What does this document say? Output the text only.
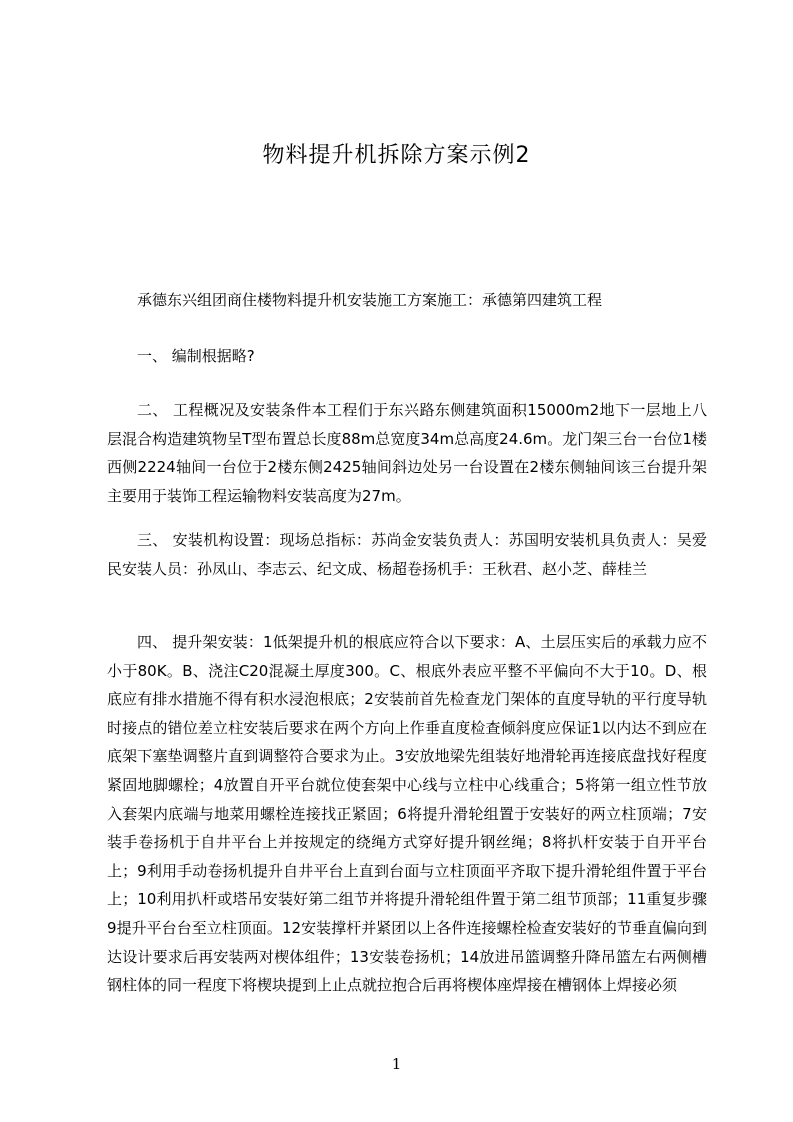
物料提升机拆除方案示例2

承德东兴组团商住楼物料提升机安装施工方案施工：承德第四建筑工程

一、 编制根据略?

二、 工程概况及安装条件本工程们于东兴路东侧建筑面积15000m2地下一层地上八层混合构造建筑物呈T型布置总长度88m总宽度34m总高度24.6m。龙门架三台一台位1楼西侧2224轴间一台位于2楼东侧2425轴间斜边处另一台设置在2楼东侧轴间该三台提升架主要用于装饰工程运输物料安装高度为27m。

三、 安装机构设置：现场总指标：苏尚金安装负责人：苏国明安装机具负责人：吴爱民安装人员：孙凤山、李志云、纪文成、杨超卷扬机手：王秋君、赵小芝、薛桂兰

四、 提升架安装：1低架提升机的根底应符合以下要求：A、土层压实后的承载力应不小于80K。B、浇注C20混凝土厚度300。C、根底外表应平整不平偏向不大于10。D、根底应有排水措施不得有积水浸泡根底；2安装前首先检查龙门架体的直度导轨的平行度导轨时接点的错位差立柱安装后要求在两个方向上作垂直度检查倾斜度应保证1以内达不到应在底架下塞垫调整片直到调整符合要求为止。3安放地梁先组装好地滑轮再连接底盘找好程度紧固地脚螺栓；4放置自开平台就位使套架中心线与立柱中心线重合；5将第一组立性节放入套架内底端与地菜用螺栓连接找正紧固；6将提升滑轮组置于安装好的两立柱顶端；7安装手卷扬机于自井平台上并按规定的绕绳方式穿好提升钢丝绳；8将扒杆安装于自开平台上；9利用手动卷扬机提升自井平台上直到台面与立柱顶面平齐取下提升滑轮组件置于平台上；10利用扒杆或塔吊安装好第二组节并将提升滑轮组件置于第二组节顶部；11重复步骤9提升平台台至立柱顶面。12安装撑杆并紧团以上各件连接螺栓检查安装好的节垂直偏向到达设计要求后再安装两对楔体组件；13安装卷扬机；14放进吊篮调整升降吊篮左右两侧槽钢柱体的同一程度下将楔块提到上止点就拉抱合后再将楔体座焊接在槽钢体上焊接必须

1
